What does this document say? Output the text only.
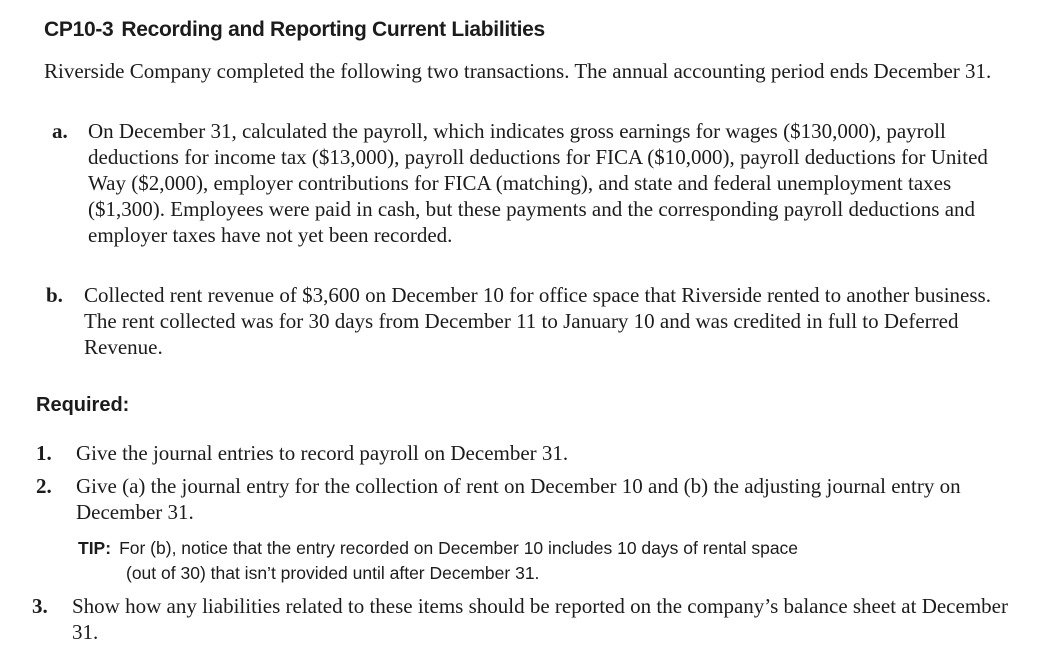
CP10-3 Recording and Reporting Current Liabilities
Riverside Company completed the following two transactions. The annual accounting period ends December 31.
a. On December 31, calculated the payroll, which indicates gross earnings for wages ($130,000), payroll deductions for income tax ($13,000), payroll deductions for FICA ($10,000), payroll deductions for United Way ($2,000), employer contributions for FICA (matching), and state and federal unemployment taxes ($1,300). Employees were paid in cash, but these payments and the corresponding payroll deductions and employer taxes have not yet been recorded.
b. Collected rent revenue of $3,600 on December 10 for office space that Riverside rented to another business. The rent collected was for 30 days from December 11 to January 10 and was credited in full to Deferred Revenue.
Required:
1. Give the journal entries to record payroll on December 31.
2. Give (a) the journal entry for the collection of rent on December 10 and (b) the adjusting journal entry on December 31.
TIP: For (b), notice that the entry recorded on December 10 includes 10 days of rental space
(out of 30) that isn’t provided until after December 31.
3. Show how any liabilities related to these items should be reported on the company’s balance sheet at December 31.
